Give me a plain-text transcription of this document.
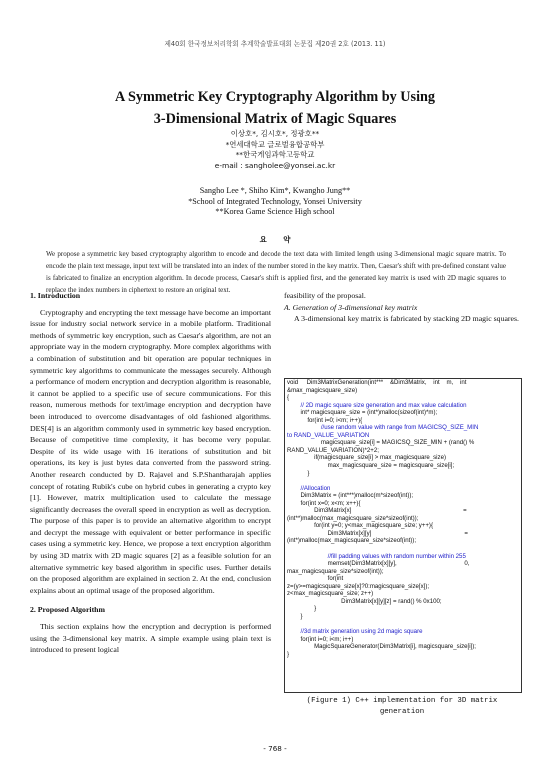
제40회 한국정보처리학회 추계학술발표대회 논문집 제20권 2호 (2013. 11)
A Symmetric Key Cryptography Algorithm by Using
3-Dimensional Matrix of Magic Squares
이상호*, 김시호*, 정광호**
*연세대학교 글로벌융합공학부
**한국게임과학고등학교
e-mail : sangholee@yonsei.ac.kr
Sangho Lee *, Shiho Kim*, Kwangho Jung**
*School of Integrated Technology, Yonsei University
**Korea Game Science High school
요 약
We propose a symmetric key based cryptography algorithm to encode and decode the text data with limited length using 3-dimensional magic square matrix. To encode the plain text message, input text will be translated into an index of the number stored in the key matrix. Then, Caesar's shift with pre-defined constant value is fabricated to finalize an encryption algorithm. In decode process, Caesar's shift is applied first, and the generated key matrix is used with 2D magic squares to replace the index numbers in ciphertext to restore an original text.
1. Introduction

Cryptography and encrypting the text message have become an important issue for industry social network service in a mobile platform. Traditional methods of symmetric key encryption, such as Caesar's algorithm, are not an appropriate way in the modern cryptography. More complex algorithms with a combination of substitution and bit operation are popular techniques in symmetric key algorithms to communicate the messages securely. Although a performance of modern encryption and decryption algorithm is reasonable, it cannot be applied to a specific use of secure communications. For this reason, numerous methods for text/image encryption and decryption have been introduced to overcome disadvantages of old fashioned algorithms. DES[4] is an algorithm commonly used in symmetric key based encryption. Because of competitive time complexity, it has become very popular. Despite of its wide usage with 16 iterations of substitution and bit operations, its key is just bytes data converted from the password string. Another research conducted by D. Rajavel and S.P.Shantharajah applies concept of rotating Rubik's cube on hybrid cubes in generating a crypto key [1]. However, matrix multiplication used to calculate the message significantly decreases the overall speed in encryption as well as decryption. The purpose of this paper is to provide an alternative algorithm to encrypt and decrypt the message with equivalent or better performance in specific cases using a symmetric key. Hence, we propose a text encryption algorithm by using 3D matrix with 2D magic squares [2] as a feasible solution for an alternative symmetric key based algorithm in specific uses. Further details on the proposed algorithm are explained in section 2. At the end, conclusion explains about an optimal usage of the proposed algorithm.

2. Proposed Algorithm

This section explains how the encryption and decryption is performed using the 3-dimensional key matrix. A simple example using plain text is introduced to present logical

feasibility of the proposal.

A. Generation of 3-dimensional key matrix

A 3-dimensional key matrix is fabricated by stacking 2D magic squares.

void     Dim3MatrixGeneration(int***    &Dim3Matrix,    int    m,    int
&max_magicsquare_size)
{
// 2D magic square size generation and max value calculation
int* magicsquare_size = (int*)malloc(sizeof(int)*m);
for(int i=0; i<m; i++){
//use random value with range from MAGICSQ_SIZE_MIN
to RAND_VALUE_VARIATION
magicsquare_size[i] = MAGICSQ_SIZE_MIN + (rand() %
RAND_VALUE_VARIATION)*2+2;
if(magicsquare_size[i] > max_magicsquare_size)
max_magicsquare_size = magicsquare_size[i];
}

//Allocation
Dim3Matrix = (int***)malloc(m*sizeof(int));
for(int x=0; x<m; x++){
Dim3Matrix[x]                                                                  =
(int**)malloc(max_magicsquare_size*sizeof(int));
for(int y=0; y<max_magicsquare_size; y++){
Dim3Matrix[x][y]                                                       =
(int*)malloc(max_magicsquare_size*sizeof(int));

//fill padding values with random number within 255
memset(Dim3Matrix[x][y],                                        0,
max_magicsquare_size*sizeof(int));
for(int
z=(y>=magicsquare_size[x]?0:magicsquare_size[x]);
z<max_magicsquare_size; z++)
Dim3Matrix[x][y][z] = rand() % 0x100;
}
}

//3d matrix generation using 2d magic square
for(int i=0; i<m; i++)
MagicSquareGenerator(Dim3Matrix[i], magicsquare_size[i]);
}
(Figure 1) C++ implementation for 3D matrix generation
- 768 -
